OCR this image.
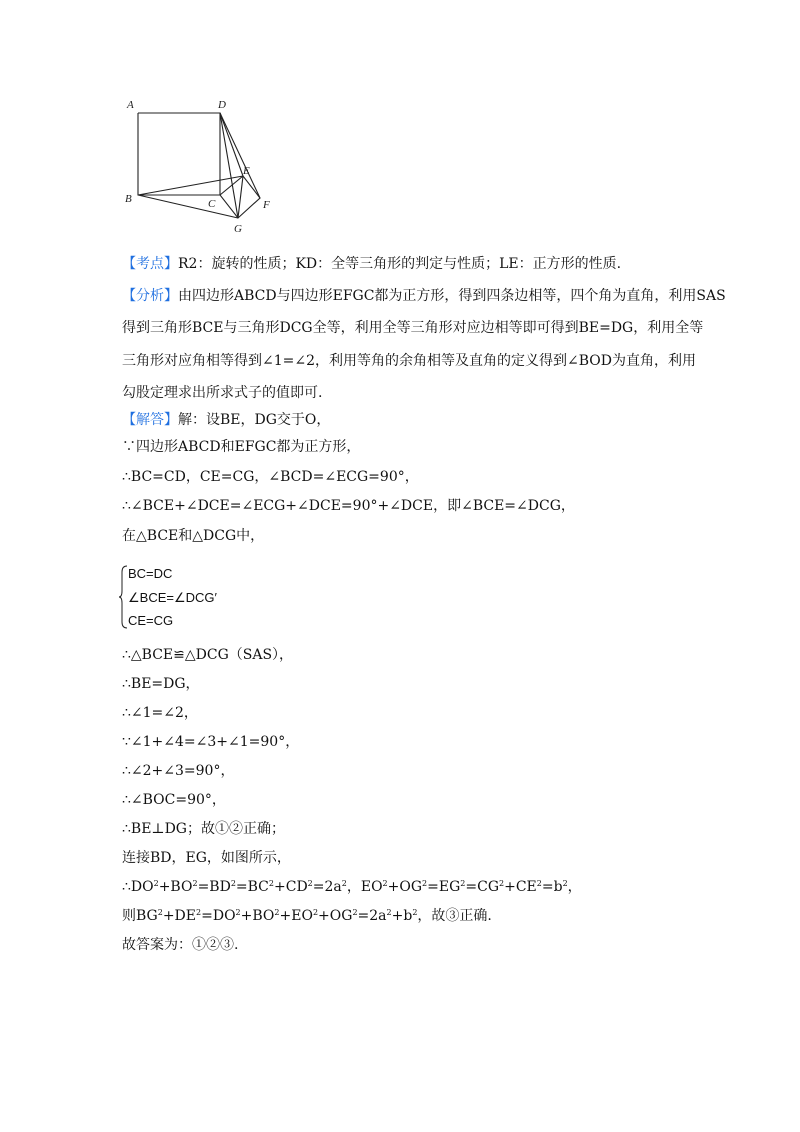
A	D
B	C
E
F
G
【考点】R2：旋转的性质；KD：全等三角形的判定与性质；LE：正方形的性质.
【分析】由四边形ABCD与四边形EFGC都为正方形，得到四条边相等，四个角为直角，利用SAS
得到三角形BCE与三角形DCG全等，利用全等三角形对应边相等即可得到BE=DG，利用全等
三角形对应角相等得到∠1=∠2，利用等角的余角相等及直角的定义得到∠BOD为直角，利用
勾股定理求出所求式子的值即可.
【解答】解：设BE，DG交于O，
∵四边形ABCD和EFGC都为正方形，
∴BC=CD，CE=CG，∠BCD=∠ECG=90°，
∴∠BCE+∠DCE=∠ECG+∠DCE=90°+∠DCE，即∠BCE=∠DCG，
在△BCE和△DCG中，
BC=DC
∠BCE=∠DCG′
CE=CG
∴△BCE≌△DCG（SAS），
∴BE=DG，
∴∠1=∠2，
∵∠1+∠4=∠3+∠1=90°，
∴∠2+∠3=90°，
∴∠BOC=90°，
∴BE⊥DG；故①②正确；
连接BD，EG，如图所示，
$\therefore DO^2+BO^2=BD^2=BC^2+CD^2=2a^2$，$EO^2+OG^2=EG^2=CG^2+CE^2=b^2$，
则$BG^2+DE^2=DO^2+BO^2+EO^2+OG^2=2a^2+b^2$，故③正确.
故答案为：①②③.
